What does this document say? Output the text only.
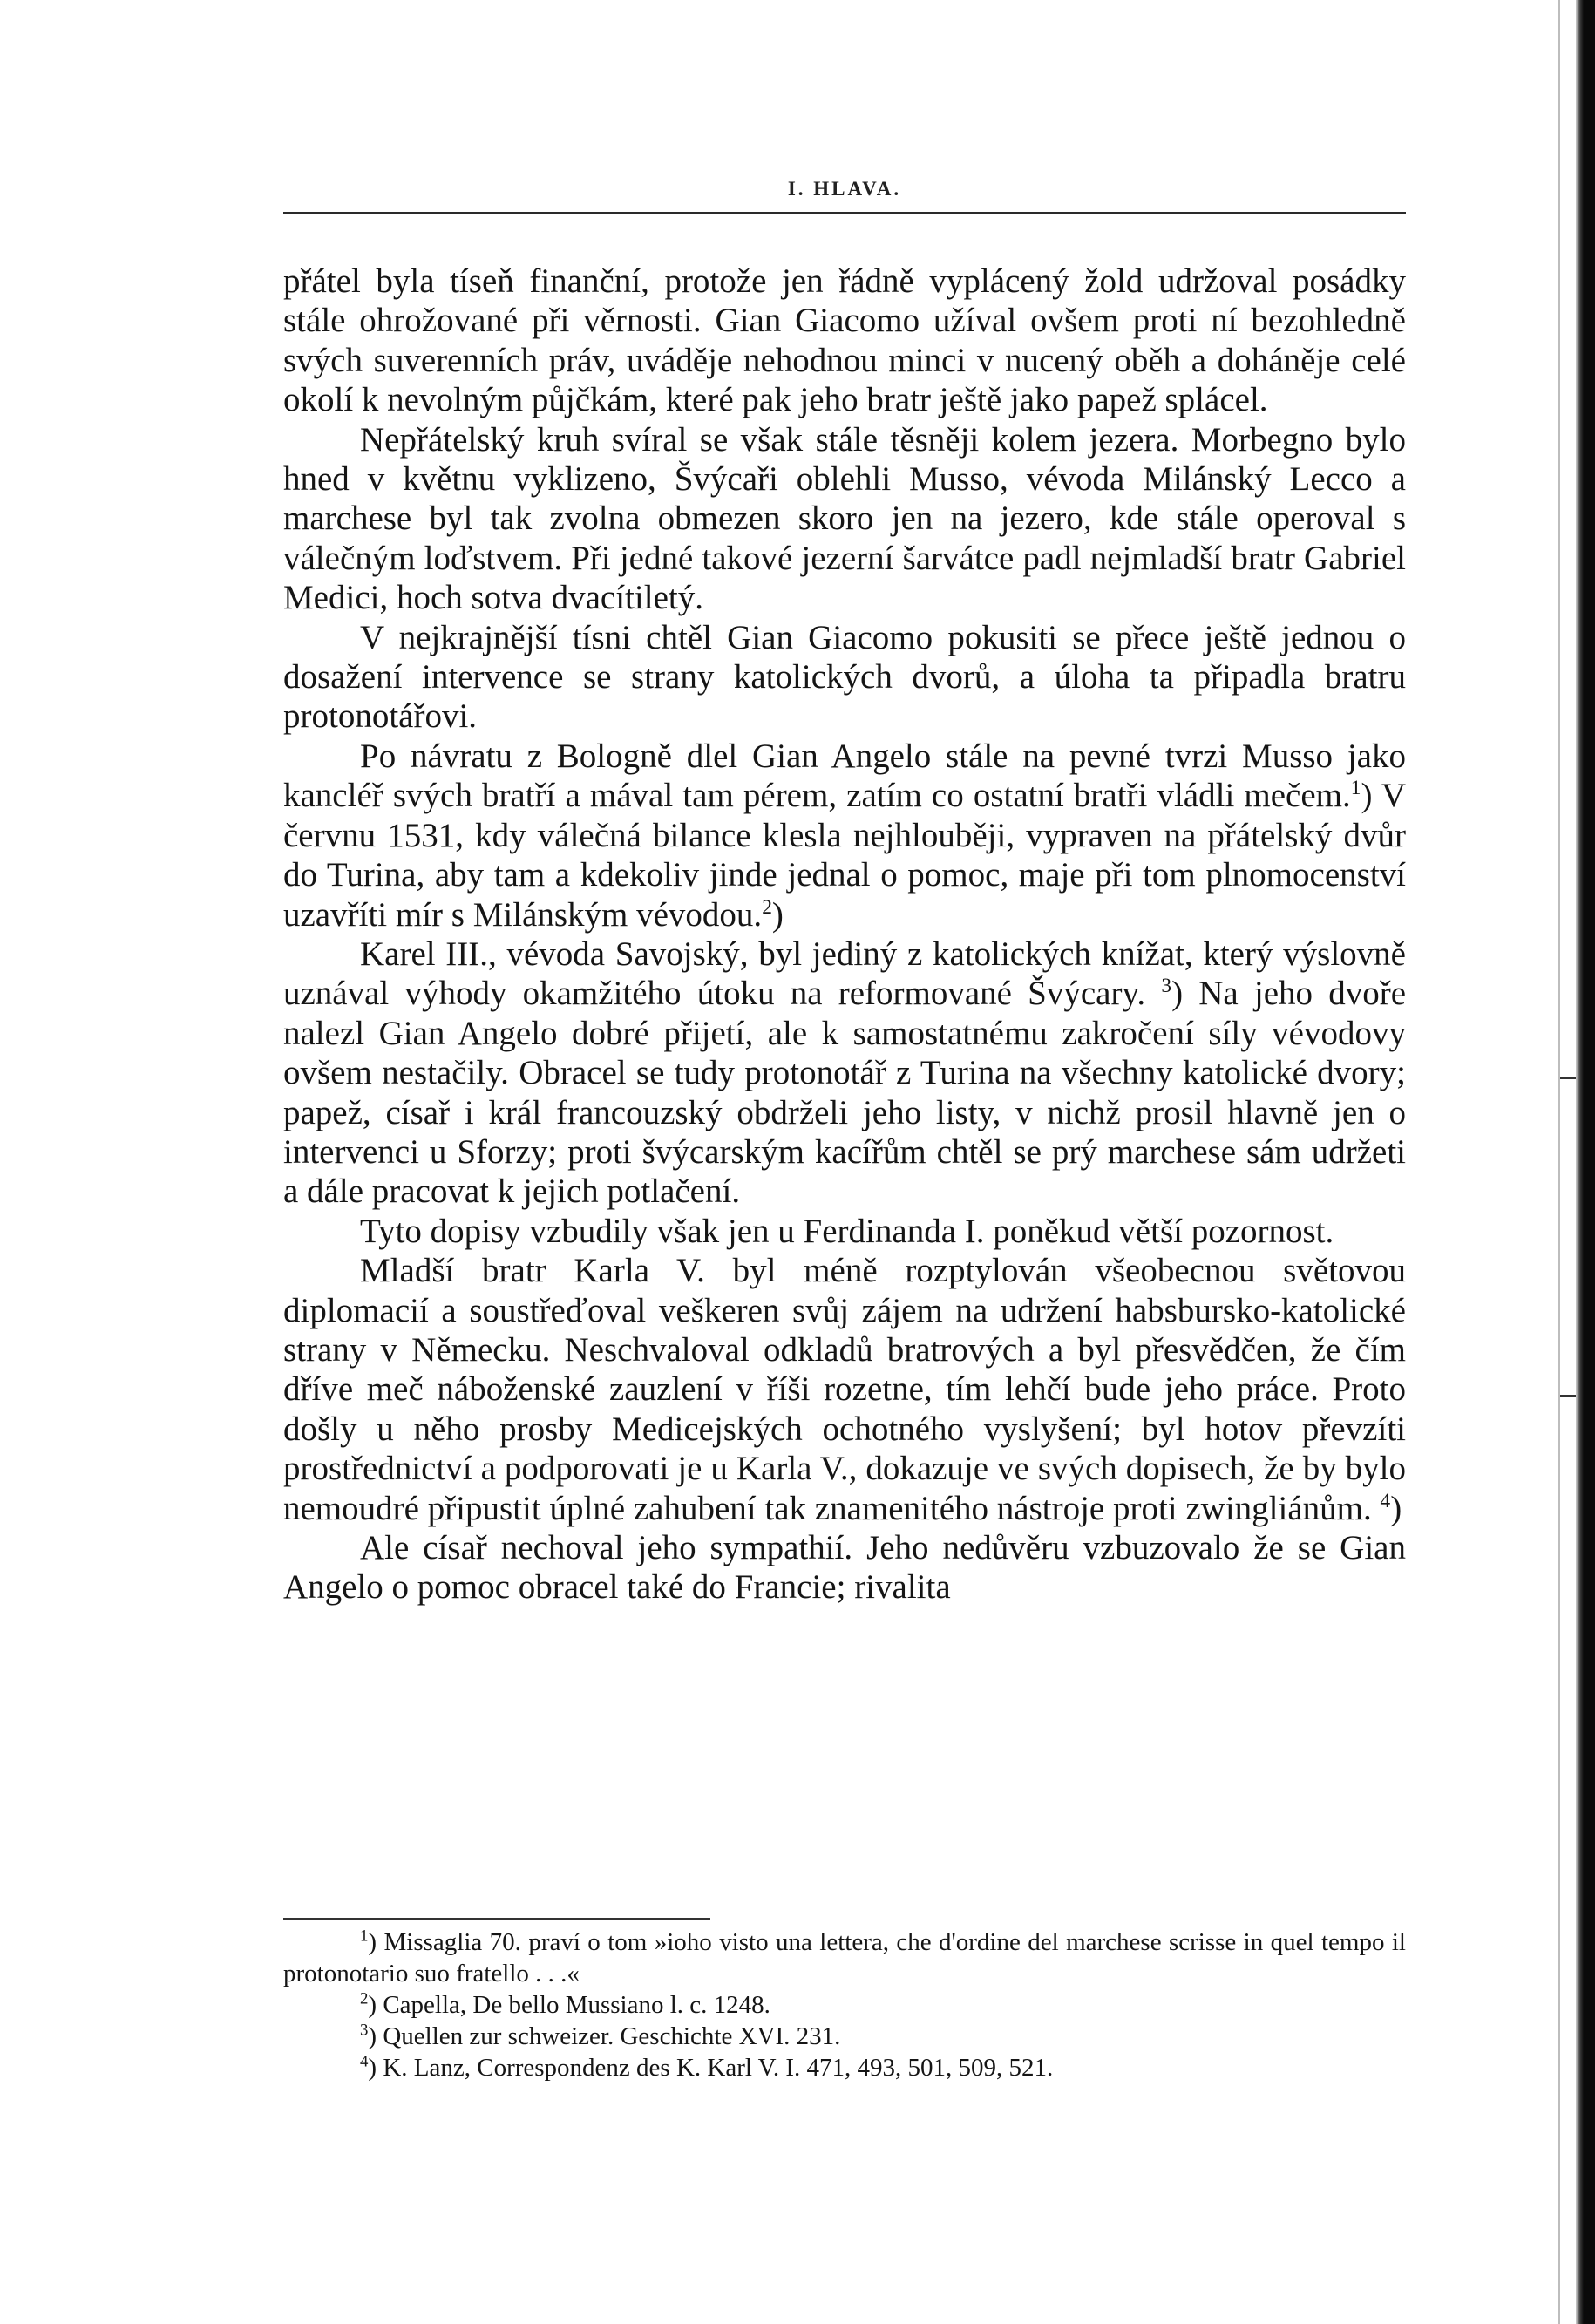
I. HLAVA.

přátel byla tíseň finanční, protože jen řádně vyplácený žold udržoval posádky stále ohrožované při věrnosti. Gian Giacomo užíval ovšem proti ní bezohledně svých suverenních práv, uváděje nehodnou minci v nucený oběh a doháněje celé okolí k nevolným půjčkám, které pak jeho bratr ještě jako papež splácel.

Nepřátelský kruh svíral se však stále těsněji kolem jezera. Morbegno bylo hned v květnu vyklizeno, Švýcaři oblehli Musso, vévoda Milánský Lecco a marchese byl tak zvolna obmezen skoro jen na jezero, kde stále operoval s válečným loďstvem. Při jedné takové jezerní šarvátce padl nejmladší bratr Gabriel Medici, hoch sotva dvacítiletý.

V nejkrajnější tísni chtěl Gian Giacomo pokusiti se přece ještě jednou o dosažení intervence se strany katolických dvorů, a úloha ta připadla bratru protonotářovi.

Po návratu z Bologně dlel Gian Angelo stále na pevné tvrzi Musso jako kancléř svých bratří a mával tam pérem, zatím co ostatní bratři vládli mečem.$^1$) V červnu 1531, kdy válečná bilance klesla nejhlouběji, vypraven na přátelský dvůr do Turina, aby tam a kdekoliv jinde jednal o pomoc, maje při tom plnomocenství uzavříti mír s Milánským vévodou.$^2$)

Karel III., vévoda Savojský, byl jediný z katolických knížat, který výslovně uznával výhody okamžitého útoku na reformované Švýcary. $^3$) Na jeho dvoře nalezl Gian Angelo dobré přijetí, ale k samostatnému zakročení síly vévodovy ovšem nestačily. Obracel se tudy protonotář z Turina na všechny katolické dvory; papež, císař i král francouzský obdrželi jeho listy, v nichž prosil hlavně jen o intervenci u Sforzy; proti švýcarským kacířům chtěl se prý marchese sám udržeti a dále pracovat k jejich potlačení.

Tyto dopisy vzbudily však jen u Ferdinanda I. poněkud větší pozornost.

Mladší bratr Karla V. byl méně rozptylován všeobecnou světovou diplomacií a soustřeďoval veškeren svůj zájem na udržení habsbursko-katolické strany v Německu. Neschvaloval odkladů bratrových a byl přesvědčen, že čím dříve meč náboženské zauzlení v říši rozetne, tím lehčí bude jeho práce. Proto došly u něho prosby Medicejských ochotného vyslyšení; byl hotov převzíti prostřednictví a podporovati je u Karla V., dokazuje ve svých dopisech, že by bylo nemoudré připustit úplné zahubení tak znamenitého nástroje proti zwingliánům. $^4$)

Ale císař nechoval jeho sympathií. Jeho nedůvěru vzbuzovalo že se Gian Angelo o pomoc obracel také do Francie; rivalita

$^1$) Missaglia 70. praví o tom »ioho visto una lettera, che d'ordine del marchese scrisse in quel tempo il protonotario suo fratello . . .«

$^2$) Capella, De bello Mussiano l. c. 1248.

$^3$) Quellen zur schweizer. Geschichte XVI. 231.

$^4$) K. Lanz, Correspondenz des K. Karl V. I. 471, 493, 501, 509, 521.
